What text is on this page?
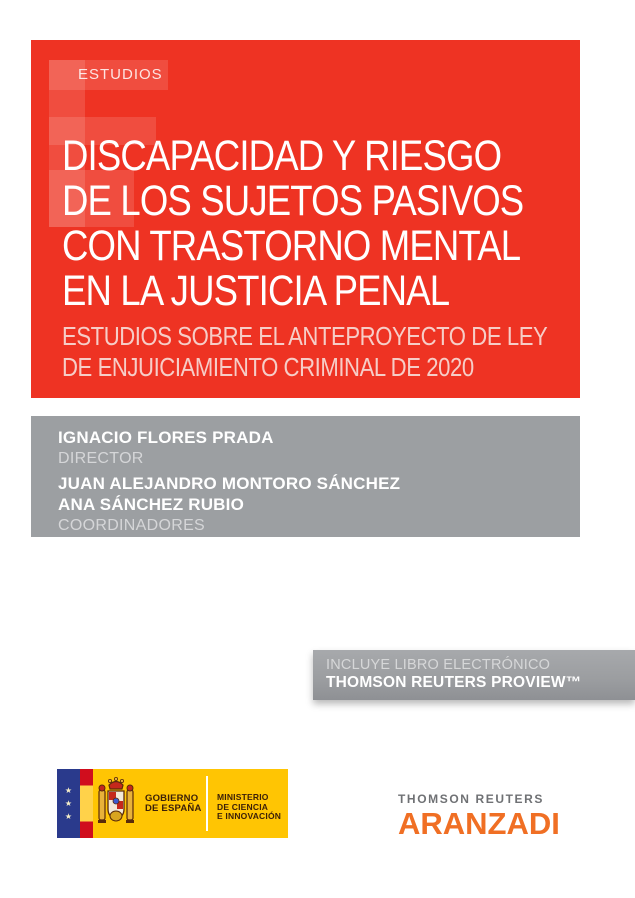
ESTUDIOS
DISCAPACIDAD Y RIESGO
DE LOS SUJETOS PASIVOS
CON TRASTORNO MENTAL
EN LA JUSTICIA PENAL
ESTUDIOS SOBRE EL ANTEPROYECTO DE LEY
DE ENJUICIAMIENTO CRIMINAL DE 2020
IGNACIO FLORES PRADA
DIRECTOR
JUAN ALEJANDRO MONTORO SÁNCHEZ
ANA SÁNCHEZ RUBIO
COORDINADORES
INCLUYE LIBRO ELECTRÓNICO
THOMSON REUTERS PROVIEW™
★
★
★
GOBIERNO
DE ESPAÑA
MINISTERIO
DE CIENCIA
E INNOVACIÓN
THOMSON REUTERS
ARANZADI
